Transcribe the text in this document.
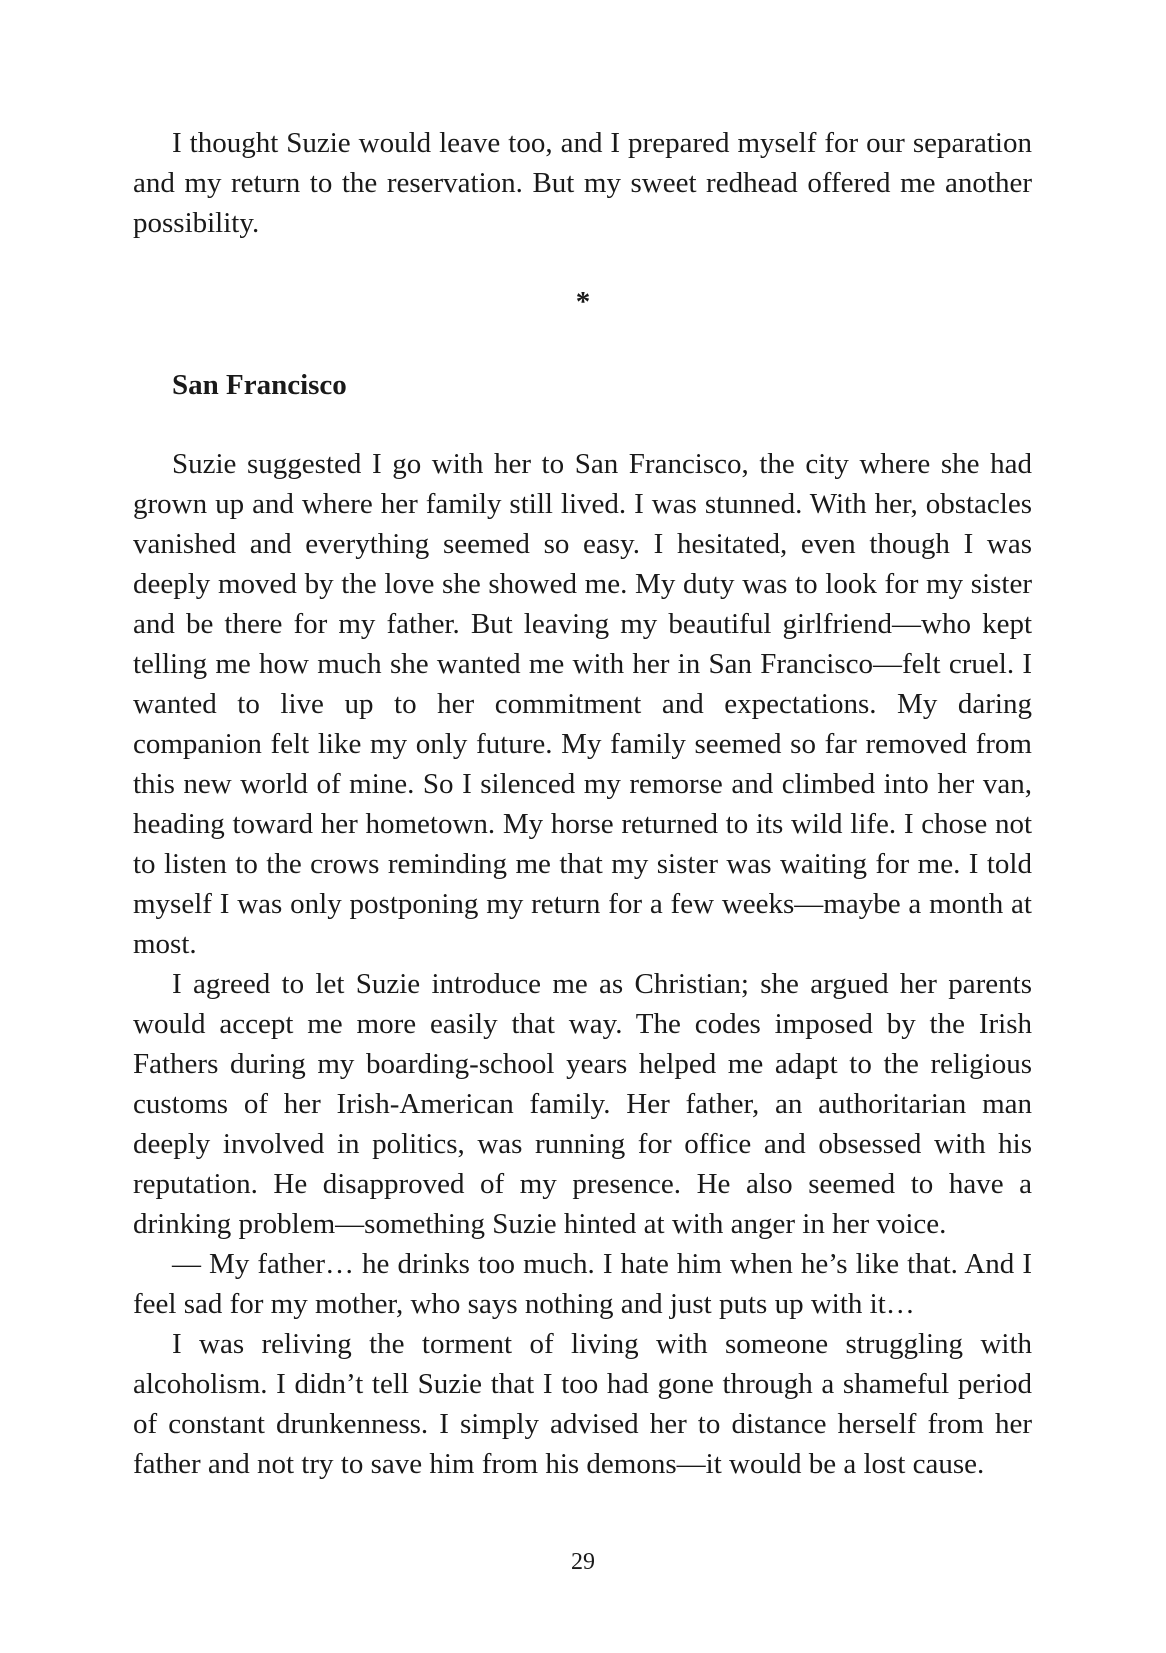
I thought Suzie would leave too, and I prepared myself for our separation and my return to the reservation. But my sweet redhead offered me another possibility.

*
San Francisco

Suzie suggested I go with her to San Francisco, the city where she had grown up and where her family still lived. I was stunned. With her, obstacles vanished and everything seemed so easy. I hesitated, even though I was deeply moved by the love she showed me. My duty was to look for my sister and be there for my father. But leaving my beautiful girlfriend—who kept telling me how much she wanted me with her in San Francisco—felt cruel. I wanted to live up to her commitment and expectations. My daring companion felt like my only future. My family seemed so far removed from this new world of mine. So I silenced my remorse and climbed into her van, heading toward her hometown. My horse returned to its wild life. I chose not to listen to the crows reminding me that my sister was waiting for me. I told myself I was only postponing my return for a few weeks—maybe a month at most.

I agreed to let Suzie introduce me as Christian; she argued her parents would accept me more easily that way. The codes imposed by the Irish Fathers during my boarding-school years helped me adapt to the religious customs of her Irish-American family. Her father, an authoritarian man deeply involved in politics, was running for office and obsessed with his reputation. He disapproved of my presence. He also seemed to have a drinking problem—something Suzie hinted at with anger in her voice.

— My father… he drinks too much. I hate him when he’s like that. And I feel sad for my mother, who says nothing and just puts up with it…

I was reliving the torment of living with someone struggling with alcoholism. I didn’t tell Suzie that I too had gone through a shameful period of constant drunkenness. I simply advised her to distance herself from her father and not try to save him from his demons—it would be a lost cause.

29
